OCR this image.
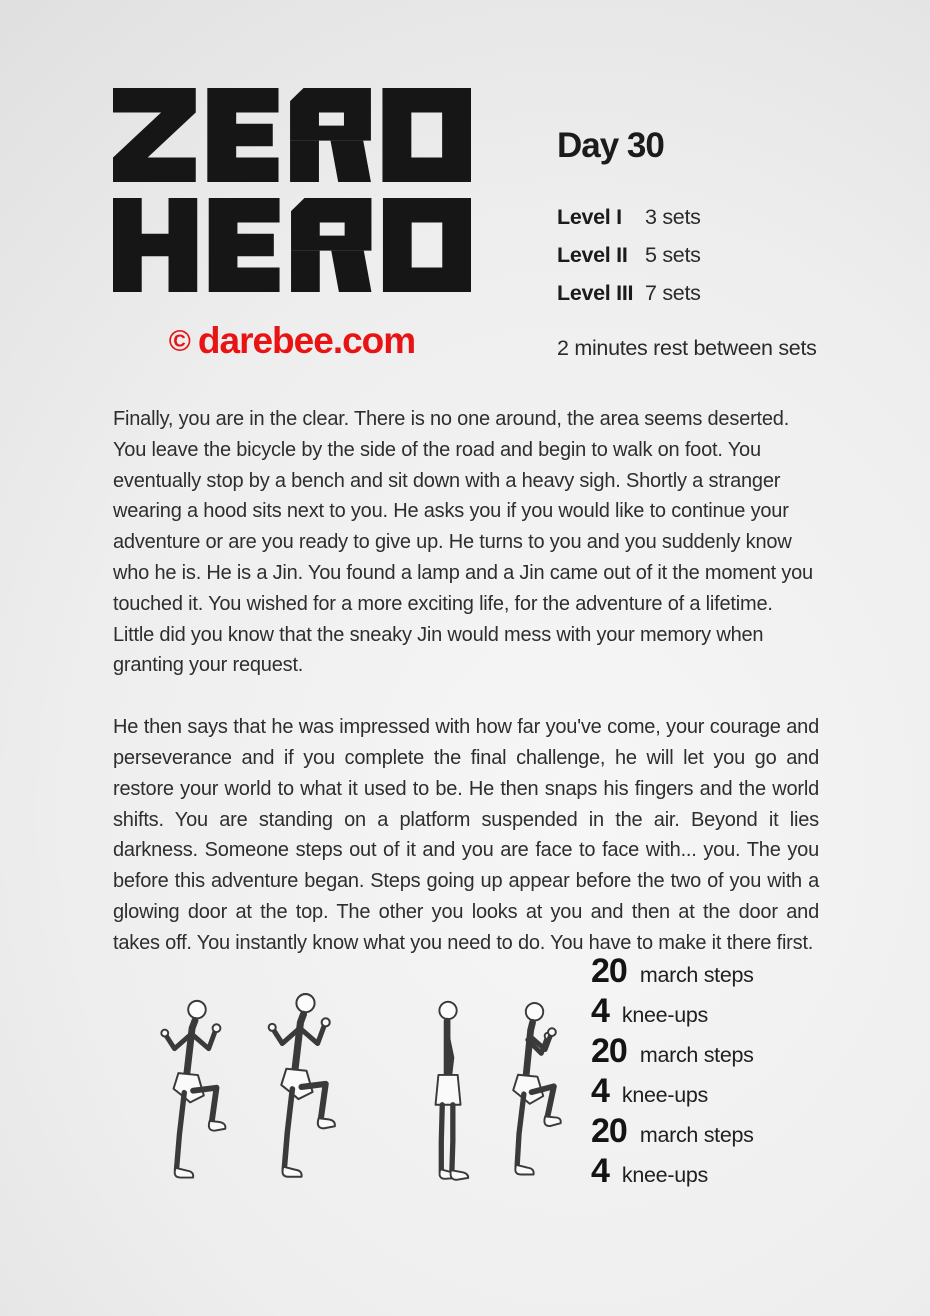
© darebee.com
Day 30
Level I	3 sets
Level II 5 sets
Level III 7 sets
2 minutes rest between sets

Finally, you are in the clear. There is no one around, the area seems deserted. You leave the bicycle by the side of the road and begin to walk on foot. You eventually stop by a bench and sit down with a heavy sigh. Shortly a stranger wearing a hood sits next to you. He asks you if you would like to continue your adventure or are you ready to give up. He turns to you and you suddenly know who he is. He is a Jin. You found a lamp and a Jin came out of it the moment you touched it. You wished for a more exciting life, for the adventure of a lifetime. Little did you know that the sneaky Jin would mess with your memory when granting your request.

He then says that he was impressed with how far you've come, your courage and perseverance and if you complete the final challenge, he will let you go and restore your world to what it used to be. He then snaps his fingers and the world shifts. You are standing on a platform suspended in the air. Beyond it lies darkness. Someone steps out of it and you are face to face with... you. The you before this adventure began. Steps going up appear before the two of you with a glowing door at the top. The other you looks at you and then at the door and takes off. You instantly know what you need to do. You have to make it there first.

20 march steps
4 knee-ups
20 march steps
4 knee-ups
20 march steps
4 knee-ups
